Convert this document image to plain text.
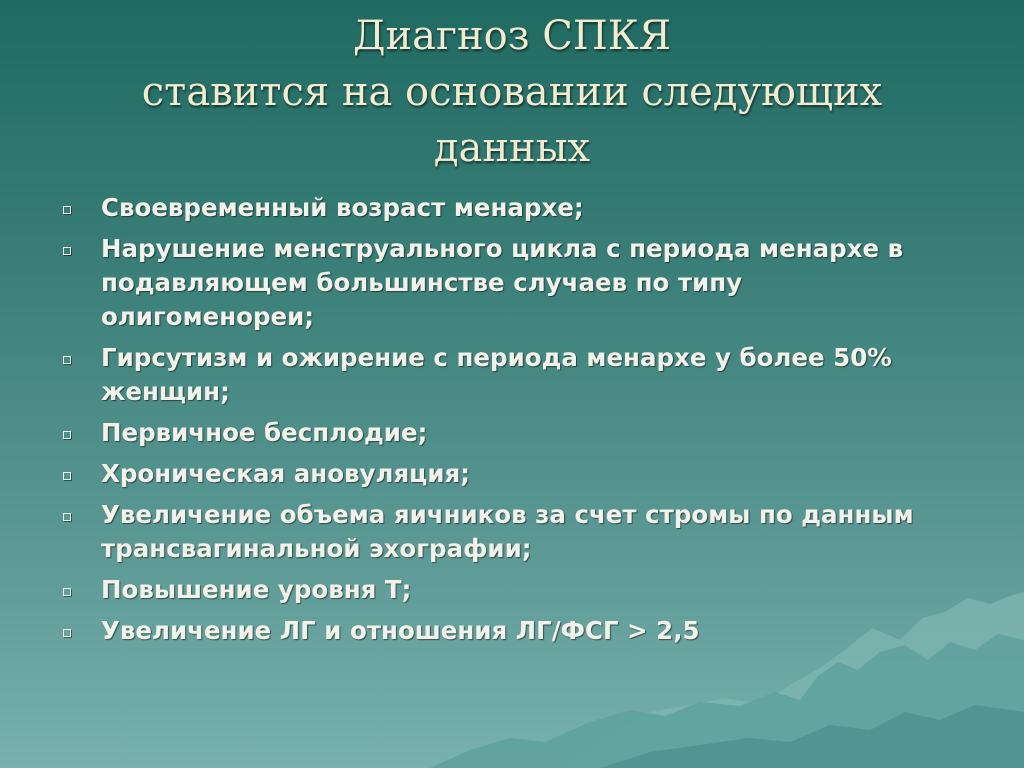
Диагноз СПКЯ
ставится на основании следующих
данных
Своевременный возраст менархе;
Нарушение менструального цикла с периода менархе в подавляющем большинстве случаев по типу олигоменореи;
Гирсутизм и ожирение с периода менархе у более 50% женщин;
Первичное бесплодие;
Хроническая ановуляция;
Увеличение объема яичников за счет стромы по данным трансвагинальной эхографии;
Повышение уровня Т;
Увеличение ЛГ и отношения ЛГ/ФСГ > 2,5
